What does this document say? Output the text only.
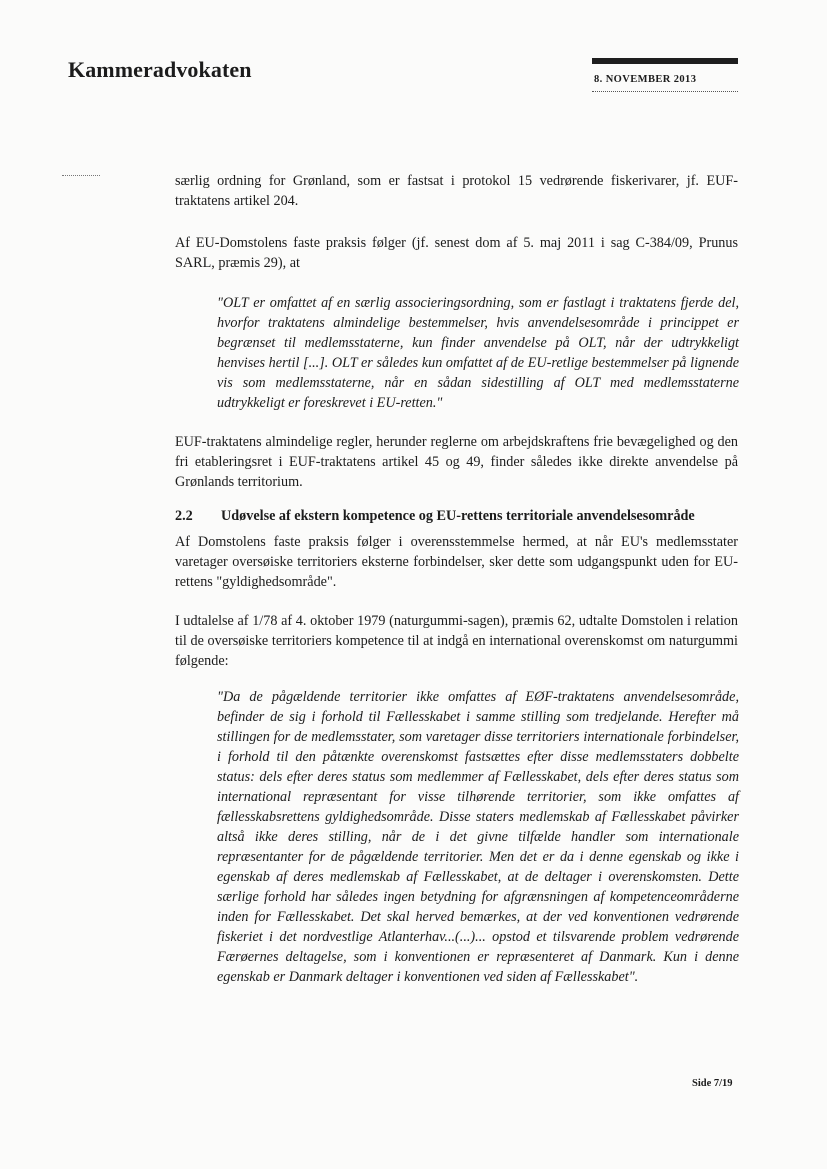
Kammeradvokaten	8. NOVEMBER 2013

særlig ordning for Grønland, som er fastsat i protokol 15 vedrørende fiskerivarer, jf. EUF-traktatens artikel 204.

Af EU-Domstolens faste praksis følger (jf. senest dom af 5. maj 2011 i sag C-384/09, Prunus SARL, præmis 29), at

"OLT er omfattet af en særlig associeringsordning, som er fastlagt i traktatens fjerde del, hvorfor traktatens almindelige bestemmelser, hvis anvendelsesområde i princippet er begrænset til medlemsstaterne, kun finder anvendelse på OLT, når der udtrykkeligt henvises hertil [...]. OLT er således kun omfattet af de EU-retlige bestemmelser på lignende vis som medlemsstaterne, når en sådan sidestilling af OLT med medlemsstaterne udtrykkeligt er foreskrevet i EU-retten."

EUF-traktatens almindelige regler, herunder reglerne om arbejdskraftens frie bevægelighed og den fri etableringsret i EUF-traktatens artikel 45 og 49, finder således ikke direkte anvendelse på Grønlands territorium.

2.2 Udøvelse af ekstern kompetence og EU-rettens territoriale anvendelsesområde

Af Domstolens faste praksis følger i overensstemmelse hermed, at når EU's medlemsstater varetager oversøiske territoriers eksterne forbindelser, sker dette som udgangspunkt uden for EU-rettens "gyldighedsområde".

I udtalelse af 1/78 af 4. oktober 1979 (naturgummi-sagen), præmis 62, udtalte Domstolen i relation til de oversøiske territoriers kompetence til at indgå en international overenskomst om naturgummi følgende:

"Da de pågældende territorier ikke omfattes af EØF-traktatens anvendelsesområde, befinder de sig i forhold til Fællesskabet i samme stilling som tredjelande. Herefter må stillingen for de medlemsstater, som varetager disse territoriers internationale forbindelser, i forhold til den påtænkte overenskomst fastsættes efter disse medlemsstaters dobbelte status: dels efter deres status som medlemmer af Fællesskabet, dels efter deres status som international repræsentant for visse tilhørende territorier, som ikke omfattes af fællesskabsrettens gyldighedsområde. Disse staters medlemskab af Fællesskabet påvirker altså ikke deres stilling, når de i det givne tilfælde handler som internationale repræsentanter for de pågældende territorier. Men det er da i denne egenskab og ikke i egenskab af deres medlemskab af Fællesskabet, at de deltager i overenskomsten. Dette særlige forhold har således ingen betydning for afgrænsningen af kompetenceområderne inden for Fællesskabet. Det skal herved bemærkes, at der ved konventionen vedrørende fiskeriet i det nordvestlige Atlanterhav...(...)... opstod et tilsvarende problem vedrørende Færøernes deltagelse, som i konventionen er repræsenteret af Danmark. Kun i denne egenskab er Danmark deltager i konventionen ved siden af Fællesskabet".

Side 7/19
